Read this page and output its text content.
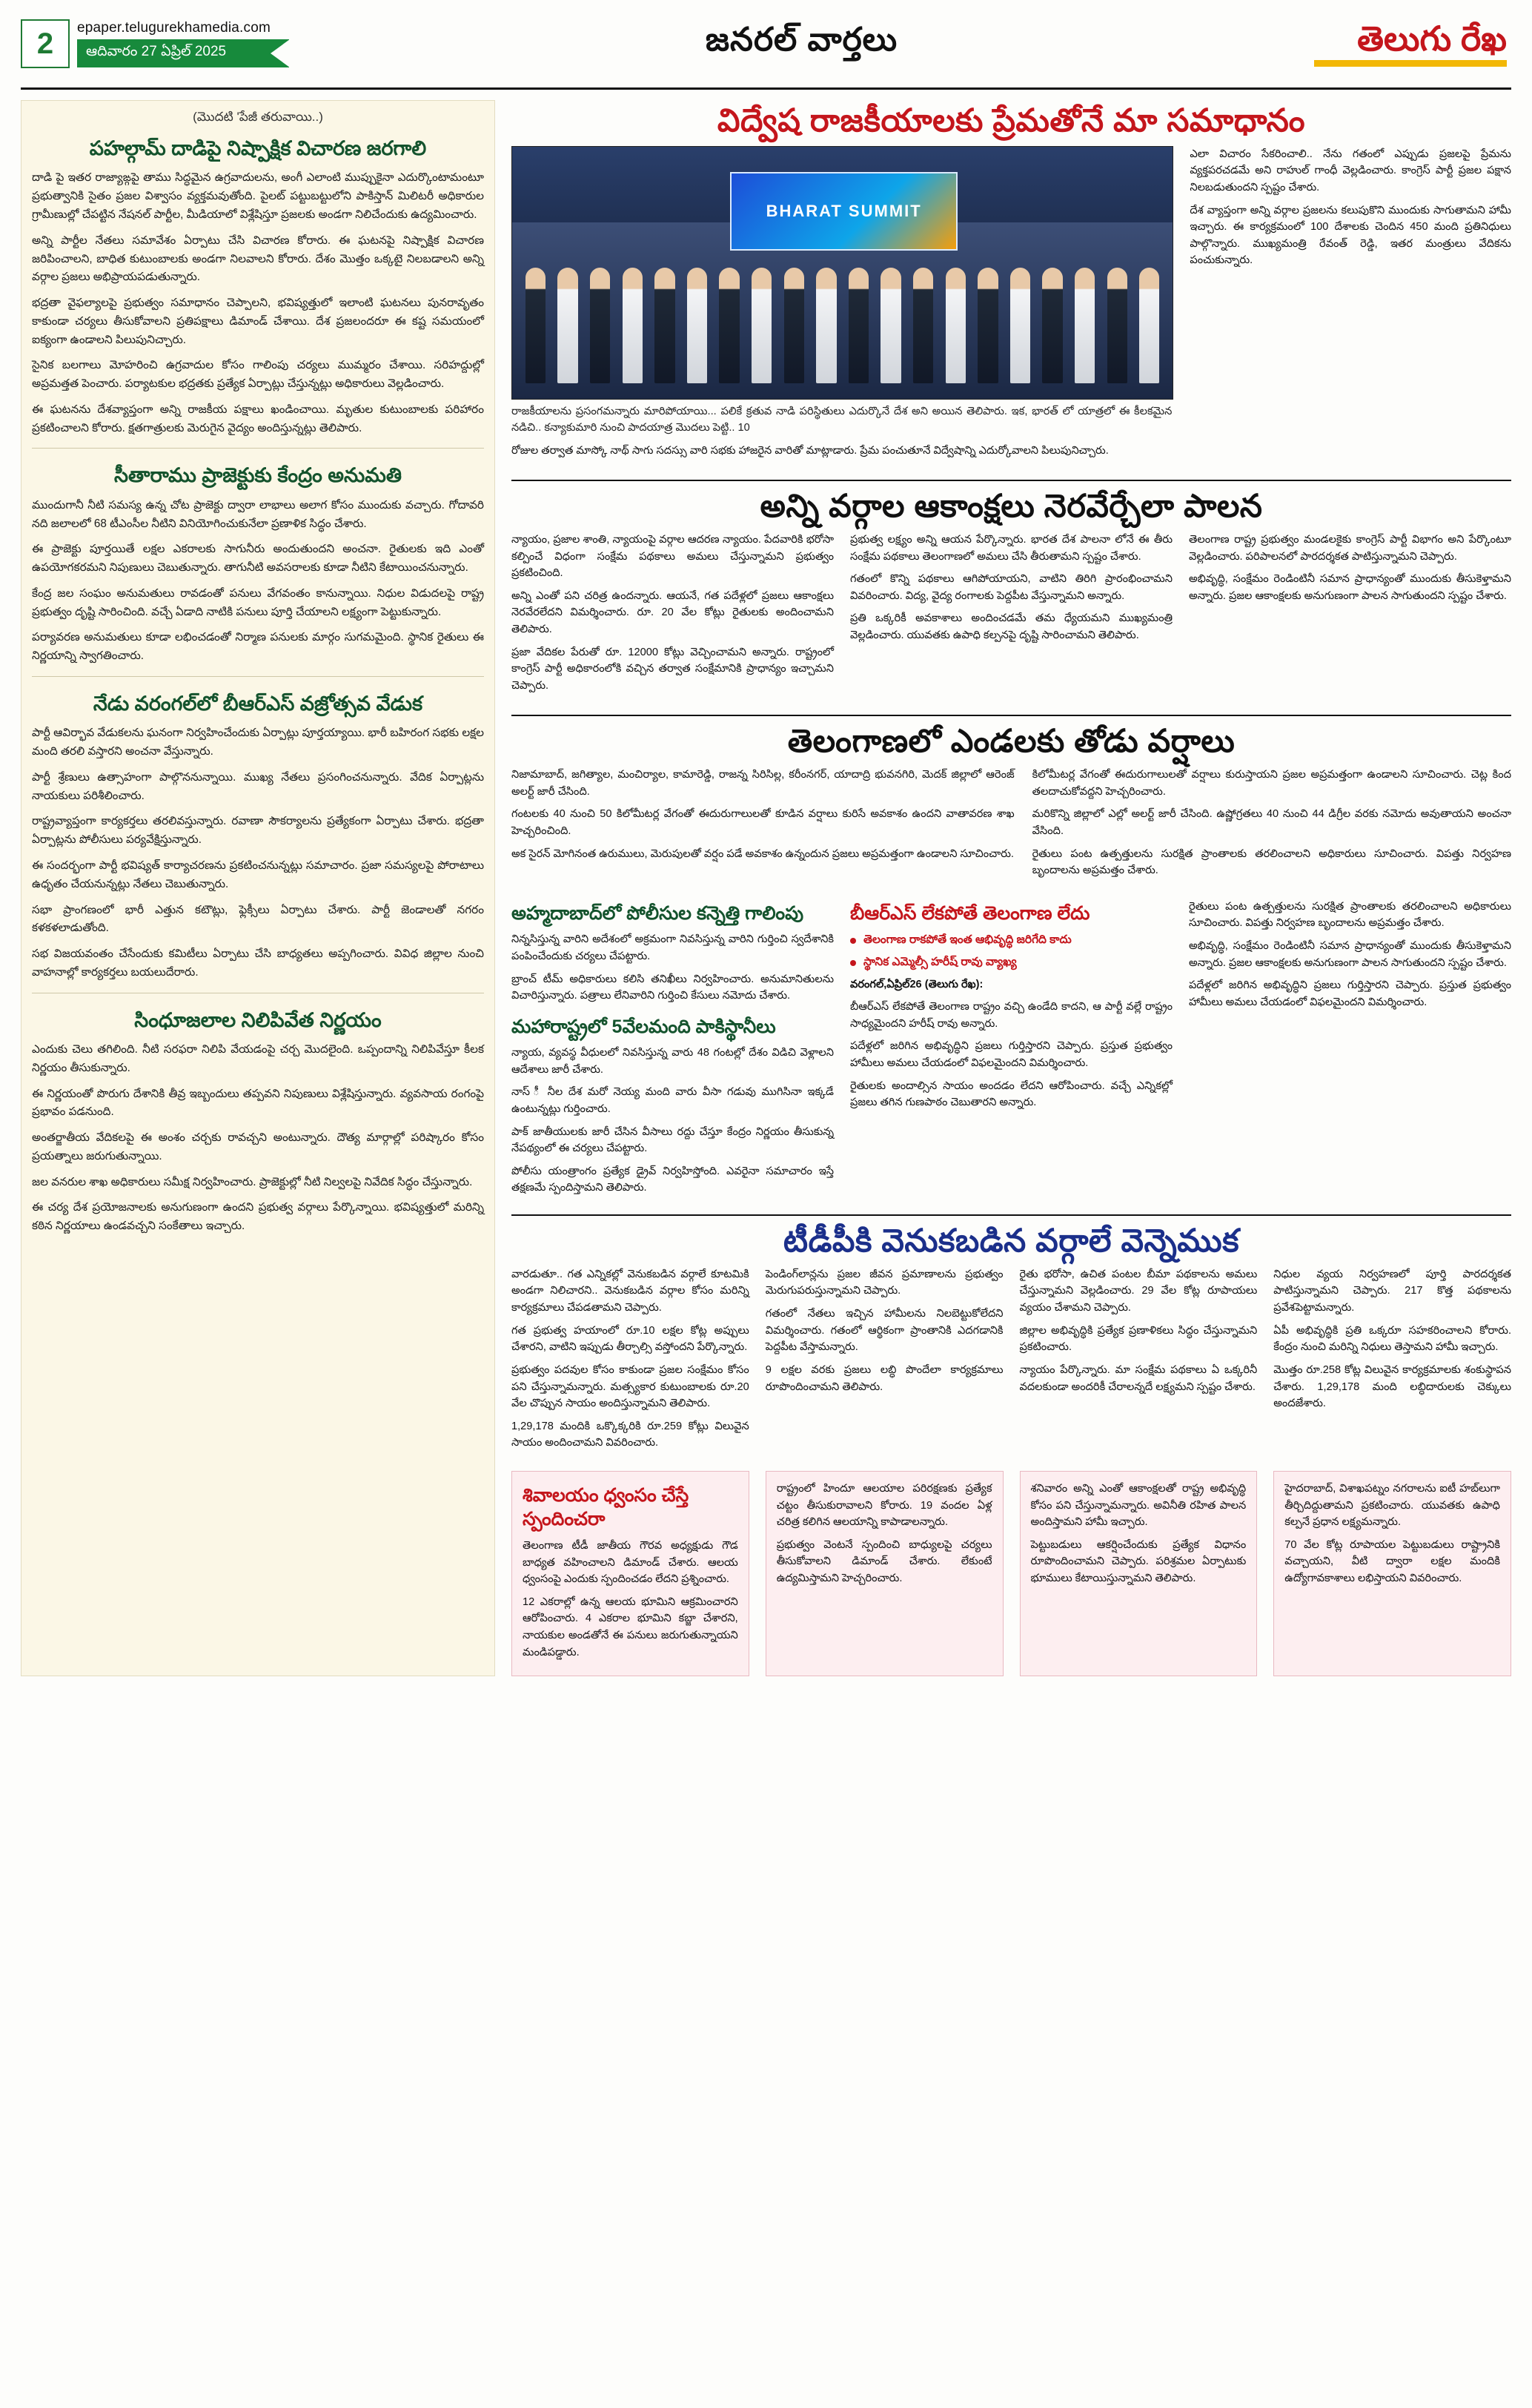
2	epaper.telugurekhamedia.com
ఆదివారం 27 ఏప్రిల్ 2025	జనరల్ వార్తలు	తెలుగు రేఖ
(మొదటి 'పేజీ తరువాయి..)
పహల్గామ్ దాడిపై నిష్పాక్షిక విచారణ జరగాలి

దాడి పై ఇతర రాజ్యాఙ్గపై తాము సిద్ధమైన ఉగ్రవాదులను, అంగీ ఎలాంటి ముప్పుకైనా ఎదుర్కొంటామంటూ ప్రభుత్వానికి సైతం ప్రజల విశ్వాసం వ్యక్తమవుతోంది. పైలట్ పట్టుబట్టులోని పాకిస్తాన్ మిలిటరీ అధికారుల గ్రామీణుల్లో చేపట్టిన నేషనల్ పార్టీల, మీడియాలో విశ్లేషిస్తూ ప్రజలకు అండగా నిలిచేందుకు ఉద్యమించారు.

అన్ని పార్టీల నేతలు సమావేశం ఏర్పాటు చేసి విచారణ కోరారు. ఈ ఘటనపై నిష్పాక్షిక విచారణ జరిపించాలని, బాధిత కుటుంబాలకు అండగా నిలవాలని కోరారు. దేశం మొత్తం ఒక్కటై నిలబడాలని అన్ని వర్గాల ప్రజలు అభిప్రాయపడుతున్నారు.

భద్రతా వైఫల్యాలపై ప్రభుత్వం సమాధానం చెప్పాలని, భవిష్యత్తులో ఇలాంటి ఘటనలు పునరావృతం కాకుండా చర్యలు తీసుకోవాలని ప్రతిపక్షాలు డిమాండ్ చేశాయి. దేశ ప్రజలందరూ ఈ కష్ట సమయంలో ఐక్యంగా ఉండాలని పిలుపునిచ్చారు.

సైనిక బలగాలు మోహరించి ఉగ్రవాదుల కోసం గాలింపు చర్యలు ముమ్మరం చేశాయి. సరిహద్దుల్లో అప్రమత్తత పెంచారు. పర్యాటకుల భద్రతకు ప్రత్యేక ఏర్పాట్లు చేస్తున్నట్లు అధికారులు వెల్లడించారు.

ఈ ఘటనను దేశవ్యాప్తంగా అన్ని రాజకీయ పక్షాలు ఖండించాయి. మృతుల కుటుంబాలకు పరిహారం ప్రకటించాలని కోరారు. క్షతగాత్రులకు మెరుగైన వైద్యం అందిస్తున్నట్లు తెలిపారు.

సీతారాము ప్రాజెక్టుకు కేంద్రం అనుమతి

ముందుగానీ నీటి సమస్య ఉన్న చోట ప్రాజెక్టు ద్వారా లాభాలు అలాగ కోసం ముందుకు వచ్చారు. గోదావరి నది జలాలలో 68 టీఎంసీల నీటిని వినియోగించుకునేలా ప్రణాళిక సిద్ధం చేశారు.

ఈ ప్రాజెక్టు పూర్తయితే లక్షల ఎకరాలకు సాగునీరు అందుతుందని అంచనా. రైతులకు ఇది ఎంతో ఉపయోగకరమని నిపుణులు చెబుతున్నారు. తాగునీటి అవసరాలకు కూడా నీటిని కేటాయించనున్నారు.

కేంద్ర జల సంఘం అనుమతులు రావడంతో పనులు వేగవంతం కానున్నాయి. నిధుల విడుదలపై రాష్ట్ర ప్రభుత్వం దృష్టి సారించింది. వచ్చే ఏడాది నాటికి పనులు పూర్తి చేయాలని లక్ష్యంగా పెట్టుకున్నారు.

పర్యావరణ అనుమతులు కూడా లభించడంతో నిర్మాణ పనులకు మార్గం సుగమమైంది. స్థానిక రైతులు ఈ నిర్ణయాన్ని స్వాగతించారు.

నేడు వరంగల్‌లో బీఆర్ఎస్ వజ్రోత్సవ వేడుక

పార్టీ ఆవిర్భావ వేడుకలను ఘనంగా నిర్వహించేందుకు ఏర్పాట్లు పూర్తయ్యాయి. భారీ బహిరంగ సభకు లక్షల మంది తరలి వస్తారని అంచనా వేస్తున్నారు.

పార్టీ శ్రేణులు ఉత్సాహంగా పాల్గొననున్నాయి. ముఖ్య నేతలు ప్రసంగించనున్నారు. వేదిక ఏర్పాట్లను నాయకులు పరిశీలించారు.

రాష్ట్రవ్యాప్తంగా కార్యకర్తలు తరలివస్తున్నారు. రవాణా సౌకర్యాలను ప్రత్యేకంగా ఏర్పాటు చేశారు. భద్రతా ఏర్పాట్లను పోలీసులు పర్యవేక్షిస్తున్నారు.

ఈ సందర్భంగా పార్టీ భవిష్యత్ కార్యాచరణను ప్రకటించనున్నట్లు సమాచారం. ప్రజా సమస్యలపై పోరాటాలు ఉధృతం చేయనున్నట్లు నేతలు చెబుతున్నారు.

సభా ప్రాంగణంలో భారీ ఎత్తున కటౌట్లు, ఫ్లెక్సీలు ఏర్పాటు చేశారు. పార్టీ జెండాలతో నగరం కళకళలాడుతోంది.

సభ విజయవంతం చేసేందుకు కమిటీలు ఏర్పాటు చేసి బాధ్యతలు అప్పగించారు. వివిధ జిల్లాల నుంచి వాహనాల్లో కార్యకర్తలు బయలుదేరారు.

సింధూజలాల నిలిపివేత నిర్ణయం

ఎందుకు చెలు తగిలింది. నీటి సరఫరా నిలిపి వేయడంపై చర్చ మొదలైంది. ఒప్పందాన్ని నిలిపివేస్తూ కీలక నిర్ణయం తీసుకున్నారు.

ఈ నిర్ణయంతో పొరుగు దేశానికి తీవ్ర ఇబ్బందులు తప్పవని నిపుణులు విశ్లేషిస్తున్నారు. వ్యవసాయ రంగంపై ప్రభావం పడనుంది.

అంతర్జాతీయ వేదికలపై ఈ అంశం చర్చకు రావచ్చని అంటున్నారు. దౌత్య మార్గాల్లో పరిష్కారం కోసం ప్రయత్నాలు జరుగుతున్నాయి.

జల వనరుల శాఖ అధికారులు సమీక్ష నిర్వహించారు. ప్రాజెక్టుల్లో నీటి నిల్వలపై నివేదిక సిద్ధం చేస్తున్నారు.

ఈ చర్య దేశ ప్రయోజనాలకు అనుగుణంగా ఉందని ప్రభుత్వ వర్గాలు పేర్కొన్నాయి. భవిష్యత్తులో మరిన్ని కఠిన నిర్ణయాలు ఉండవచ్చని సంకేతాలు ఇచ్చారు.

విద్వేష రాజకీయాలకు ప్రేమతోనే మా సమాధానం
BHARAT SUMMIT

రాజకీయాలను ప్రసంగమన్నారు మారిపోయాయి... పలికే క్రతువ నాడి పరిస్థితులు ఎదుర్కొనే దేశ అని అయిన తెలిపారు. ఇక, భారత్ లో యాత్రలో ఈ కీలకమైన నడిచి.. కన్యాకుమారి నుంచి పాదయాత్ర మొదలు పెట్టి.. 10

రోజుల తర్వాత మాస్కో నాథ్ సాగు సదస్సు వారి సభకు హాజరైన వారితో మాట్లాడారు. ప్రేమ పంచుతూనే విద్వేషాన్ని ఎదుర్కోవాలని పిలుపునిచ్చారు.

ఎలా విచారం సేకరించాలి.. నేను గతంలో ఎప్పుడు ప్రజలపై ప్రేమను వ్యక్తపరచడమే అని రాహుల్ గాంధీ వెల్లడించారు. కాంగ్రెస్ పార్టీ ప్రజల పక్షాన నిలబడుతుందని స్పష్టం చేశారు.

దేశ వ్యాప్తంగా అన్ని వర్గాల ప్రజలను కలుపుకొని ముందుకు సాగుతామని హామీ ఇచ్చారు. ఈ కార్యక్రమంలో 100 దేశాలకు చెందిన 450 మంది ప్రతినిధులు పాల్గొన్నారు. ముఖ్యమంత్రి రేవంత్ రెడ్డి, ఇతర మంత్రులు వేదికను పంచుకున్నారు.

అన్ని వర్గాల ఆకాంక్షలు నెరవేర్చేలా పాలన

న్యాయం, ప్రజాల శాంతి, న్యాయంపై వర్గాల ఆదరణ న్యాయం. పేదవారికి భరోసా కల్పించే విధంగా సంక్షేమ పథకాలు అమలు చేస్తున్నామని ప్రభుత్వం ప్రకటించింది.

అన్ని ఎంతో పని చరిత్ర ఉందన్నారు. ఆయనే, గత పదేళ్లలో ప్రజలు ఆకాంక్షలు నెరవేరలేదని విమర్శించారు. రూ. 20 వేల కోట్లు రైతులకు అందించామని తెలిపారు.

ప్రజా వేదికల పేరుతో రూ. 12000 కోట్లు వెచ్చించామని అన్నారు. రాష్ట్రంలో కాంగ్రెస్ పార్టీ అధికారంలోకి వచ్చిన తర్వాత సంక్షేమానికి ప్రాధాన్యం ఇచ్చామని చెప్పారు.

ప్రభుత్వ లక్ష్యం అన్ని ఆయన పేర్కొన్నారు. భారత దేశ పాలనా లోనే ఈ తీరు సంక్షేమ పథకాలు తెలంగాణలో అమలు చేసి తీరుతామని స్పష్టం చేశారు.

గతంలో కొన్ని పథకాలు ఆగిపోయాయని, వాటిని తిరిగి ప్రారంభించామని వివరించారు. విద్య, వైద్య రంగాలకు పెద్దపీట వేస్తున్నామని అన్నారు.

ప్రతి ఒక్కరికీ అవకాశాలు అందించడమే తమ ధ్యేయమని ముఖ్యమంత్రి వెల్లడించారు. యువతకు ఉపాధి కల్పనపై దృష్టి సారించామని తెలిపారు.

తెలంగాణ రాష్ట్ర ప్రభుత్వం మండలకైకు కాంగ్రెస్ పార్టీ విభాగం అని పేర్కొంటూ వెల్లడించారు. పరిపాలనలో పారదర్శకత పాటిస్తున్నామని చెప్పారు.

అభివృద్ధి, సంక్షేమం రెండింటినీ సమాన ప్రాధాన్యంతో ముందుకు తీసుకెళ్తామని అన్నారు. ప్రజల ఆకాంక్షలకు అనుగుణంగా పాలన సాగుతుందని స్పష్టం చేశారు.

తెలంగాణలో ఎండలకు తోడు వర్షాలు

నిజామాబాద్, జగిత్యాల, మంచిర్యాల, కామారెడ్డి, రాజన్న సిరిసిల్ల, కరీంనగర్, యాదాద్రి భువనగిరి, మెదక్ జిల్లాలో ఆరెంజ్ అలర్ట్ జారీ చేసింది.

గంటలకు 40 నుంచి 50 కిలోమీటర్ల వేగంతో ఈదురుగాలులతో కూడిన వర్షాలు కురిసే అవకాశం ఉందని వాతావరణ శాఖ హెచ్చరించింది.

అక సైరన్ మోగినంత ఉరుములు, మెరుపులతో వర్షం పడే అవకాశం ఉన్నందున ప్రజలు అప్రమత్తంగా ఉండాలని సూచించారు.

కిలోమీటర్ల వేగంతో ఈదురుగాలులతో వర్షాలు కురుస్తాయని ప్రజల అప్రమత్తంగా ఉండాలని సూచించారు. చెట్ల కింద తలదాచుకోవద్దని హెచ్చరించారు.

మరికొన్ని జిల్లాలో ఎల్లో అలర్ట్ జారీ చేసింది. ఉష్ణోగ్రతలు 40 నుంచి 44 డిగ్రీల వరకు నమోదు అవుతాయని అంచనా వేసింది.

రైతులు పంట ఉత్పత్తులను సురక్షిత ప్రాంతాలకు తరలించాలని అధికారులు సూచించారు. విపత్తు నిర్వహణ బృందాలను అప్రమత్తం చేశారు.

అహ్మదాబాద్‌లో పోలీసుల కన్నెత్తి గాలింపు

నిన్నసిస్తున్న వారిని అదేశంలో అక్రమంగా నివసిస్తున్న వారిని గుర్తించి స్వదేశానికి పంపించేందుకు చర్యలు చేపట్టారు.

బ్రాంచ్ టీమ్ అధికారులు కలిసి తనిఖీలు నిర్వహించారు. అనుమానితులను విచారిస్తున్నారు. పత్రాలు లేనివారిని గుర్తించి కేసులు నమోదు చేశారు.

మహారాష్ట్రలో 5వేలమంది పాకిస్థానీలు

న్యాయ, వ్యవస్థ వీధులలో నివసిస్తున్న వారు 48 గంటల్లో దేశం విడిచి వెళ్లాలని ఆదేశాలు జారీ చేశారు.

నాస్ ీ నీల దేశ మరో నెయ్య మంది వారు వీసా గడువు ముగిసినా ఇక్కడే ఉంటున్నట్లు గుర్తించారు.

పాక్ జాతీయులకు జారీ చేసిన వీసాలు రద్దు చేస్తూ కేంద్రం నిర్ణయం తీసుకున్న నేపథ్యంలో ఈ చర్యలు చేపట్టారు.

పోలీసు యంత్రాంగం ప్రత్యేక డ్రైవ్ నిర్వహిస్తోంది. ఎవరైనా సమాచారం ఇస్తే తక్షణమే స్పందిస్తామని తెలిపారు.

బీఆర్ఎస్ లేకపోతే తెలంగాణ లేదు
తెలంగాణ రాకపోతే ఇంత ఆభివృద్ధి జరిగేది కాదు
స్థానిక ఎమ్మెల్సీ హరీష్ రావు వ్యాఖ్య

వరంగల్,ఏప్రిల్26 (తెలుగు రేఖ):

బీఆర్ఎస్ లేకపోతే తెలంగాణ రాష్ట్రం వచ్చి ఉండేది కాదని, ఆ పార్టీ వల్లే రాష్ట్రం సాధ్యమైందని హరీష్ రావు అన్నారు.

పదేళ్లలో జరిగిన అభివృద్ధిని ప్రజలు గుర్తిస్తారని చెప్పారు. ప్రస్తుత ప్రభుత్వం హామీలు అమలు చేయడంలో విఫలమైందని విమర్శించారు.

రైతులకు అందాల్సిన సాయం అందడం లేదని ఆరోపించారు. వచ్చే ఎన్నికల్లో ప్రజలు తగిన గుణపాఠం చెబుతారని అన్నారు.

రైతులు పంట ఉత్పత్తులను సురక్షిత ప్రాంతాలకు తరలించాలని అధికారులు సూచించారు. విపత్తు నిర్వహణ బృందాలను అప్రమత్తం చేశారు.

అభివృద్ధి, సంక్షేమం రెండింటినీ సమాన ప్రాధాన్యంతో ముందుకు తీసుకెళ్తామని అన్నారు. ప్రజల ఆకాంక్షలకు అనుగుణంగా పాలన సాగుతుందని స్పష్టం చేశారు.

పదేళ్లలో జరిగిన అభివృద్ధిని ప్రజలు గుర్తిస్తారని చెప్పారు. ప్రస్తుత ప్రభుత్వం హామీలు అమలు చేయడంలో విఫలమైందని విమర్శించారు.

టీడీపీకి వెనుకబడిన వర్గాలే వెన్నెముక

వారడుతూ.. గత ఎన్నికల్లో వెనుకబడిన వర్గాలే కూటమికి అండగా నిలిచారని.. వెనుకబడిన వర్గాల కోసం మరిన్ని కార్యక్రమాలు చేపడతామని చెప్పారు.

గత ప్రభుత్వ హయాంలో రూ.10 లక్షల కోట్ల అప్పులు చేశారని, వాటిని ఇప్పుడు తీర్చాల్సి వస్తోందని పేర్కొన్నారు.

ప్రభుత్వం పదవుల కోసం కాకుండా ప్రజల సంక్షేమం కోసం పని చేస్తున్నామన్నారు. మత్స్యకార కుటుంబాలకు రూ.20 వేల చొప్పున సాయం అందిస్తున్నామని తెలిపారు.

1,29,178 మందికి ఒక్కొక్కరికి రూ.259 కోట్లు విలువైన సాయం అందించామని వివరించారు.

పెండింగ్‌లాన్లను ప్రజల జీవన ప్రమాణాలను ప్రభుత్వం మెరుగుపరుస్తున్నామని చెప్పారు.

గతంలో నేతలు ఇచ్చిన హామీలను నిలబెట్టుకోలేదని విమర్శించారు. గతంలో ఆర్థికంగా ప్రాంతానికి ఎదగడానికి పెద్దపీట వేస్తామన్నారు.

9 లక్షల వరకు ప్రజలు లబ్ధి పొందేలా కార్యక్రమాలు రూపొందించామని తెలిపారు.

రైతు భరోసా, ఉచిత పంటల బీమా పథకాలను అమలు చేస్తున్నామని వెల్లడించారు. 29 వేల కోట్ల రూపాయలు వ్యయం చేశామని చెప్పారు.

జిల్లాల అభివృద్ధికి ప్రత్యేక ప్రణాళికలు సిద్ధం చేస్తున్నామని ప్రకటించారు.

న్యాయం పేర్కొన్నారు. మా సంక్షేమ పథకాలు ఏ ఒక్కరినీ వదలకుండా అందరికీ చేరాలన్నదే లక్ష్యమని స్పష్టం చేశారు.

నిధుల వ్యయ నిర్వహణలో పూర్తి పారదర్శకత పాటిస్తున్నామని చెప్పారు. 217 కొత్త పథకాలను ప్రవేశపెట్టామన్నారు.

ఏపీ అభివృద్ధికి ప్రతి ఒక్కరూ సహకరించాలని కోరారు. కేంద్రం నుంచి మరిన్ని నిధులు తెస్తామని హామీ ఇచ్చారు.

మొత్తం రూ.258 కోట్ల విలువైన కార్యక్రమాలకు శంకుస్థాపన చేశారు. 1,29,178 మంది లబ్ధిదారులకు చెక్కులు అందజేశారు.

శివాలయం ధ్వంసం చేస్తే స్పందించరా

తెలంగాణ టీడీ జాతీయ గౌరవ అధ్యక్షుడు గౌడ బాధ్యత వహించాలని డిమాండ్ చేశారు. ఆలయ ధ్వంసంపై ఎందుకు స్పందించడం లేదని ప్రశ్నించారు.

12 ఎకరాల్లో ఉన్న ఆలయ భూమిని ఆక్రమించారని ఆరోపించారు. 4 ఎకరాల భూమిని కబ్జా చేశారని, నాయకుల అండతోనే ఈ పనులు జరుగుతున్నాయని మండిపడ్డారు.

రాష్ట్రంలో హిందూ ఆలయాల పరిరక్షణకు ప్రత్యేక చట్టం తీసుకురావాలని కోరారు. 19 వందల ఏళ్ల చరిత్ర కలిగిన ఆలయాన్ని కాపాడాలన్నారు.

ప్రభుత్వం వెంటనే స్పందించి బాధ్యులపై చర్యలు తీసుకోవాలని డిమాండ్ చేశారు. లేకుంటే ఉద్యమిస్తామని హెచ్చరించారు.

శనివారం అన్ని ఎంతో ఆకాంక్షలతో రాష్ట్ర అభివృద్ధి కోసం పని చేస్తున్నామన్నారు. అవినీతి రహిత పాలన అందిస్తామని హామీ ఇచ్చారు.

పెట్టుబడులు ఆకర్షించేందుకు ప్రత్యేక విధానం రూపొందించామని చెప్పారు. పరిశ్రమల ఏర్పాటుకు భూములు కేటాయిస్తున్నామని తెలిపారు.

హైదరాబాద్, విశాఖపట్నం నగరాలను ఐటీ హబ్‌లుగా తీర్చిదిద్దుతామని ప్రకటించారు. యువతకు ఉపాధి కల్పనే ప్రధాన లక్ష్యమన్నారు.

70 వేల కోట్ల రూపాయల పెట్టుబడులు రాష్ట్రానికి వచ్చాయని, వీటి ద్వారా లక్షల మందికి ఉద్యోగావకాశాలు లభిస్తాయని వివరించారు.
